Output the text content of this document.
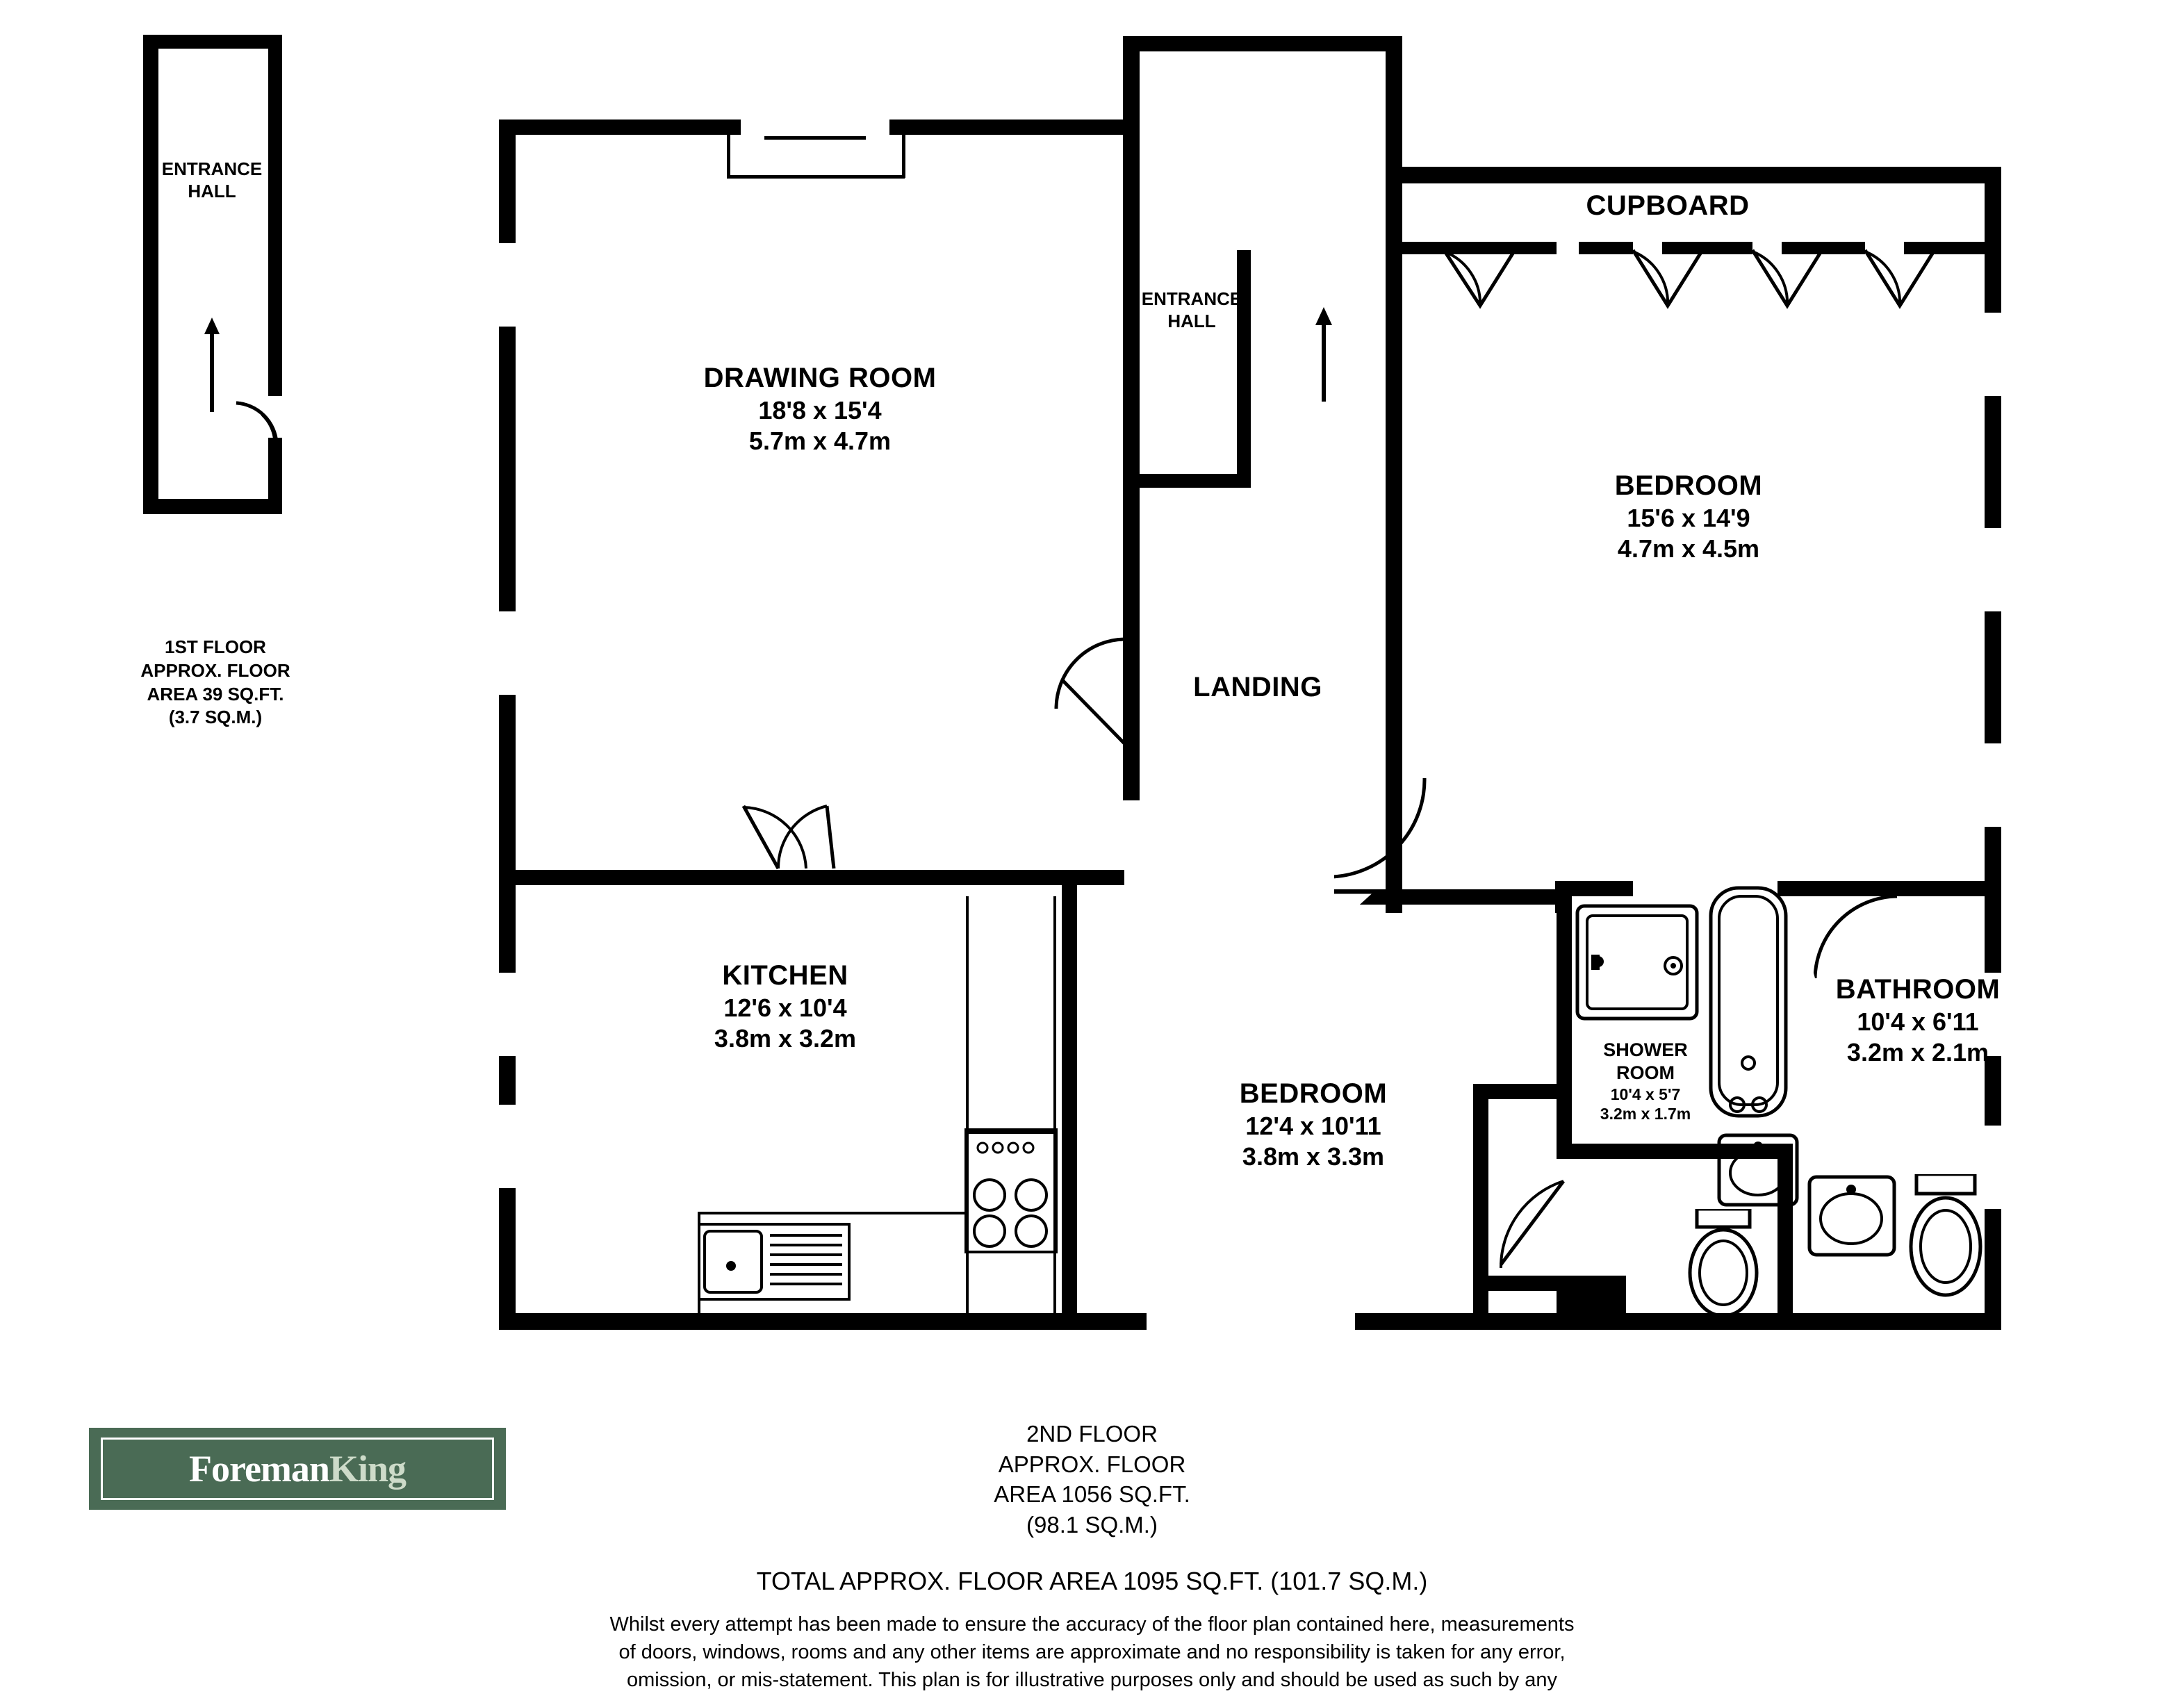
ENTRANCE
HALL
1ST FLOOR
APPROX. FLOOR
AREA 39 SQ.FT.
(3.7 SQ.M.)
DRAWING ROOM
18'8 x 15'4
5.7m x 4.7m
ENTRANCE
HALL
CUPBOARD
BEDROOM
15'6 x 14'9
4.7m x 4.5m
LANDING
KITCHEN
12'6 x 10'4
3.8m x 3.2m
BEDROOM
12'4 x 10'11
3.8m x 3.3m
SHOWER
ROOM
10'4 x 5'7
3.2m x 1.7m
BATHROOM
10'4 x 6'11
3.2m x 2.1m
ForemanKing
2ND FLOOR
APPROX. FLOOR
AREA 1056 SQ.FT.
(98.1 SQ.M.)
TOTAL APPROX. FLOOR AREA 1095 SQ.FT. (101.7 SQ.M.)
Whilst every attempt has been made to ensure the accuracy of the floor plan contained here, measurements
of doors, windows, rooms and any other items are approximate and no responsibility is taken for any error,
omission, or mis-statement. This plan is for illustrative purposes only and should be used as such by any
